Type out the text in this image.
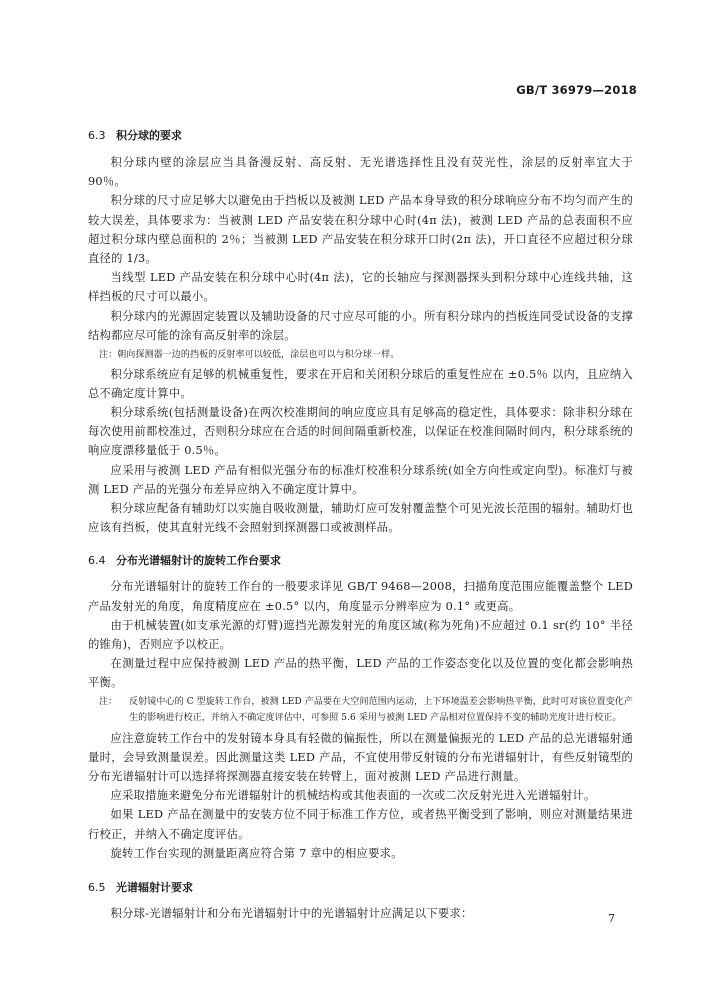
GB/T 36979—2018
6.3 积分球的要求

积分球内壁的涂层应当具备漫反射、高反射、无光谱选择性且没有荧光性，涂层的反射率宜大于 90％。

积分球的尺寸应足够大以避免由于挡板以及被测 LED 产品本身导致的积分球响应分布不均匀而产生的较大误差，具体要求为：当被测 LED 产品安装在积分球中心时(4π 法)，被测 LED 产品的总表面积不应超过积分球内壁总面积的 2％；当被测 LED 产品安装在积分球开口时(2π 法)，开口直径不应超过积分球直径的 1/3。

当线型 LED 产品安装在积分球中心时(4π 法)，它的长轴应与探测器探头到积分球中心连线共轴，这样挡板的尺寸可以最小。

积分球内的光源固定装置以及辅助设备的尺寸应尽可能的小。所有积分球内的挡板连同受试设备的支撑结构都应尽可能的涂有高反射率的涂层。

注：朝向探测器一边的挡板的反射率可以较低，涂层也可以与积分球一样。

积分球系统应有足够的机械重复性，要求在开启和关闭积分球后的重复性应在 ±0.5％ 以内，且应纳入总不确定度计算中。

积分球系统(包括测量设备)在两次校准期间的响应度应具有足够高的稳定性，具体要求：除非积分球在每次使用前都校准过，否则积分球应在合适的时间间隔重新校准，以保证在校准间隔时间内，积分球系统的响应度漂移量低于 0.5％。

应采用与被测 LED 产品有相似光强分布的标准灯校准积分球系统(如全方向性或定向型)。标准灯与被测 LED 产品的光强分布差异应纳入不确定度计算中。

积分球应配备有辅助灯以实施自吸收测量，辅助灯应可发射覆盖整个可见光波长范围的辐射。辅助灯也应该有挡板，使其直射光线不会照射到探测器口或被测样品。

6.4 分布光谱辐射计的旋转工作台要求

分布光谱辐射计的旋转工作台的一般要求详见 GB/T 9468—2008，扫描角度范围应能覆盖整个 LED 产品发射光的角度，角度精度应在 ±0.5° 以内，角度显示分辨率应为 0.1° 或更高。

由于机械装置(如支承光源的灯臂)遮挡光源发射光的角度区域(称为死角)不应超过 0.1 sr(约 10° 半径的锥角)，否则应予以校正。

在测量过程中应保持被测 LED 产品的热平衡，LED 产品的工作姿态变化以及位置的变化都会影响热平衡。

注： 反射镜中心的 C 型旋转工作台，被测 LED 产品要在大空间范围内运动，上下环境温差会影响热平衡，此时可对该位置变化产生的影响进行校正，并纳入不确定度评估中，可参照 5.6 采用与被测 LED 产品相对位置保持不变的辅助光度计进行校正。

应注意旋转工作台中的发射镜本身具有轻微的偏振性，所以在测量偏振光的 LED 产品的总光谱辐射通量时，会导致测量误差。因此测量这类 LED 产品，不宜使用带反射镜的分布光谱辐射计，有些反射镜型的分布光谱辐射计可以选择将探测器直接安装在转臂上，面对被测 LED 产品进行测量。

应采取措施来避免分布光谱辐射计的机械结构或其他表面的一次或二次反射光进入光谱辐射计。

如果 LED 产品在测量中的安装方位不同于标准工作方位，或者热平衡受到了影响，则应对测量结果进行校正，并纳入不确定度评估。

旋转工作台实现的测量距离应符合第 7 章中的相应要求。

6.5 光谱辐射计要求

积分球-光谱辐射计和分布光谱辐射计中的光谱辐射计应满足以下要求：	7
